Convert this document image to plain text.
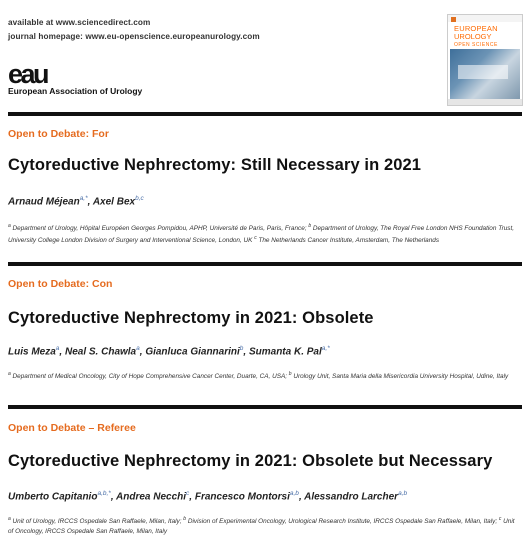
available at www.sciencedirect.com
journal homepage: www.eu-openscience.europeanurology.com
eau
European Association of Urology
EUROPEAN
UROLOGY
OPEN SCIENCE
Open to Debate: For
Cytoreductive Nephrectomy: Still Necessary in 2021
Arnaud Méjean$^{a,*}$, Axel Bex$^{b,c}$
$^a$ Department of Urology, Hôpital Européen Georges Pompidou, APHP, Université de Paris, Paris, France; $^b$ Department of Urology, The Royal Free London NHS Foundation Trust, University College London Division of Surgery and Interventional Science, London, UK $^c$ The Netherlands Cancer Institute, Amsterdam, The Netherlands
Open to Debate: Con
Cytoreductive Nephrectomy in 2021: Obsolete
Luis Meza$^a$, Neal S. Chawla$^a$, Gianluca Giannarini$^b$, Sumanta K. Pal$^{a,*}$
$^a$ Department of Medical Oncology, City of Hope Comprehensive Cancer Center, Duarte, CA, USA; $^b$ Urology Unit, Santa Maria della Misericordia University Hospital, Udine, Italy
Open to Debate – Referee
Cytoreductive Nephrectomy in 2021: Obsolete but Necessary
Umberto Capitanio$^{a,b,*}$, Andrea Necchi$^c$, Francesco Montorsi$^{a,b}$, Alessandro Larcher$^{a,b}$
$^a$ Unit of Urology, IRCCS Ospedale San Raffaele, Milan, Italy; $^b$ Division of Experimental Oncology, Urological Research Institute, IRCCS Ospedale San Raffaele, Milan, Italy; $^c$ Unit of Oncology, IRCCS Ospedale San Raffaele, Milan, Italy
